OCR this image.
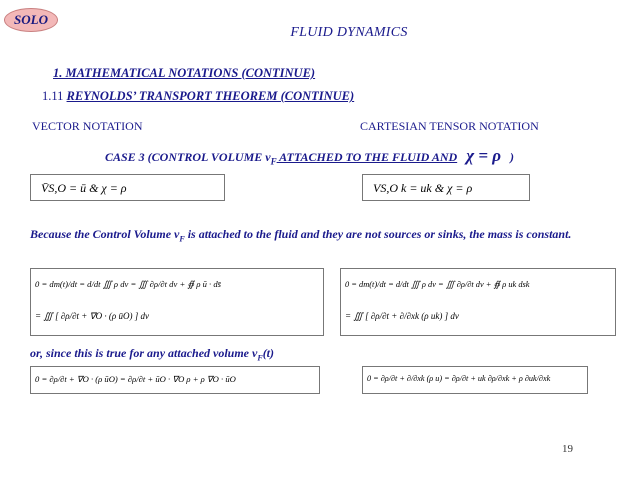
SOLO
FLUID DYNAMICS
1. MATHEMATICAL NOTATIONS (CONTINUE)
1.11 REYNOLDS’ TRANSPORT THEOREM (CONTINUE)
VECTOR NOTATION	CARTESIAN TENSOR NOTATION
CASE 3 (CONTROL VOLUME $v_F$ ATTACHED TO THE FLUID AND χ = ρ )
V̄S,O = ū & χ = ρ	VS,O k = uk & χ = ρ
Because the Control Volume $v_F$ is attached to the fluid and they are not sources or sinks, the mass is constant.
0 = dm(t)/dt = d/dt ∭ ρ dv = ∭ ∂ρ/∂t dv + ∯ ρ ū · ds̄
= ∭ [ ∂ρ/∂t + ∇O · (ρ ūO) ] dv
0 = dm(t)/dt = d/dt ∭ ρ dv = ∭ ∂ρ/∂t dv + ∯ ρ uk dsk
= ∭ [ ∂ρ/∂t + ∂/∂xk (ρ uk) ] dv
or, since this is true for any attached volume $v_F(t)$
0 = ∂ρ/∂t + ∇O · (ρ ūO) = ∂ρ/∂t + ūO · ∇O ρ + ρ ∇O · ūO	0 = ∂ρ/∂t + ∂/∂xk (ρ u) = ∂ρ/∂t + uk ∂ρ/∂xk + ρ ∂uk/∂xk
19
